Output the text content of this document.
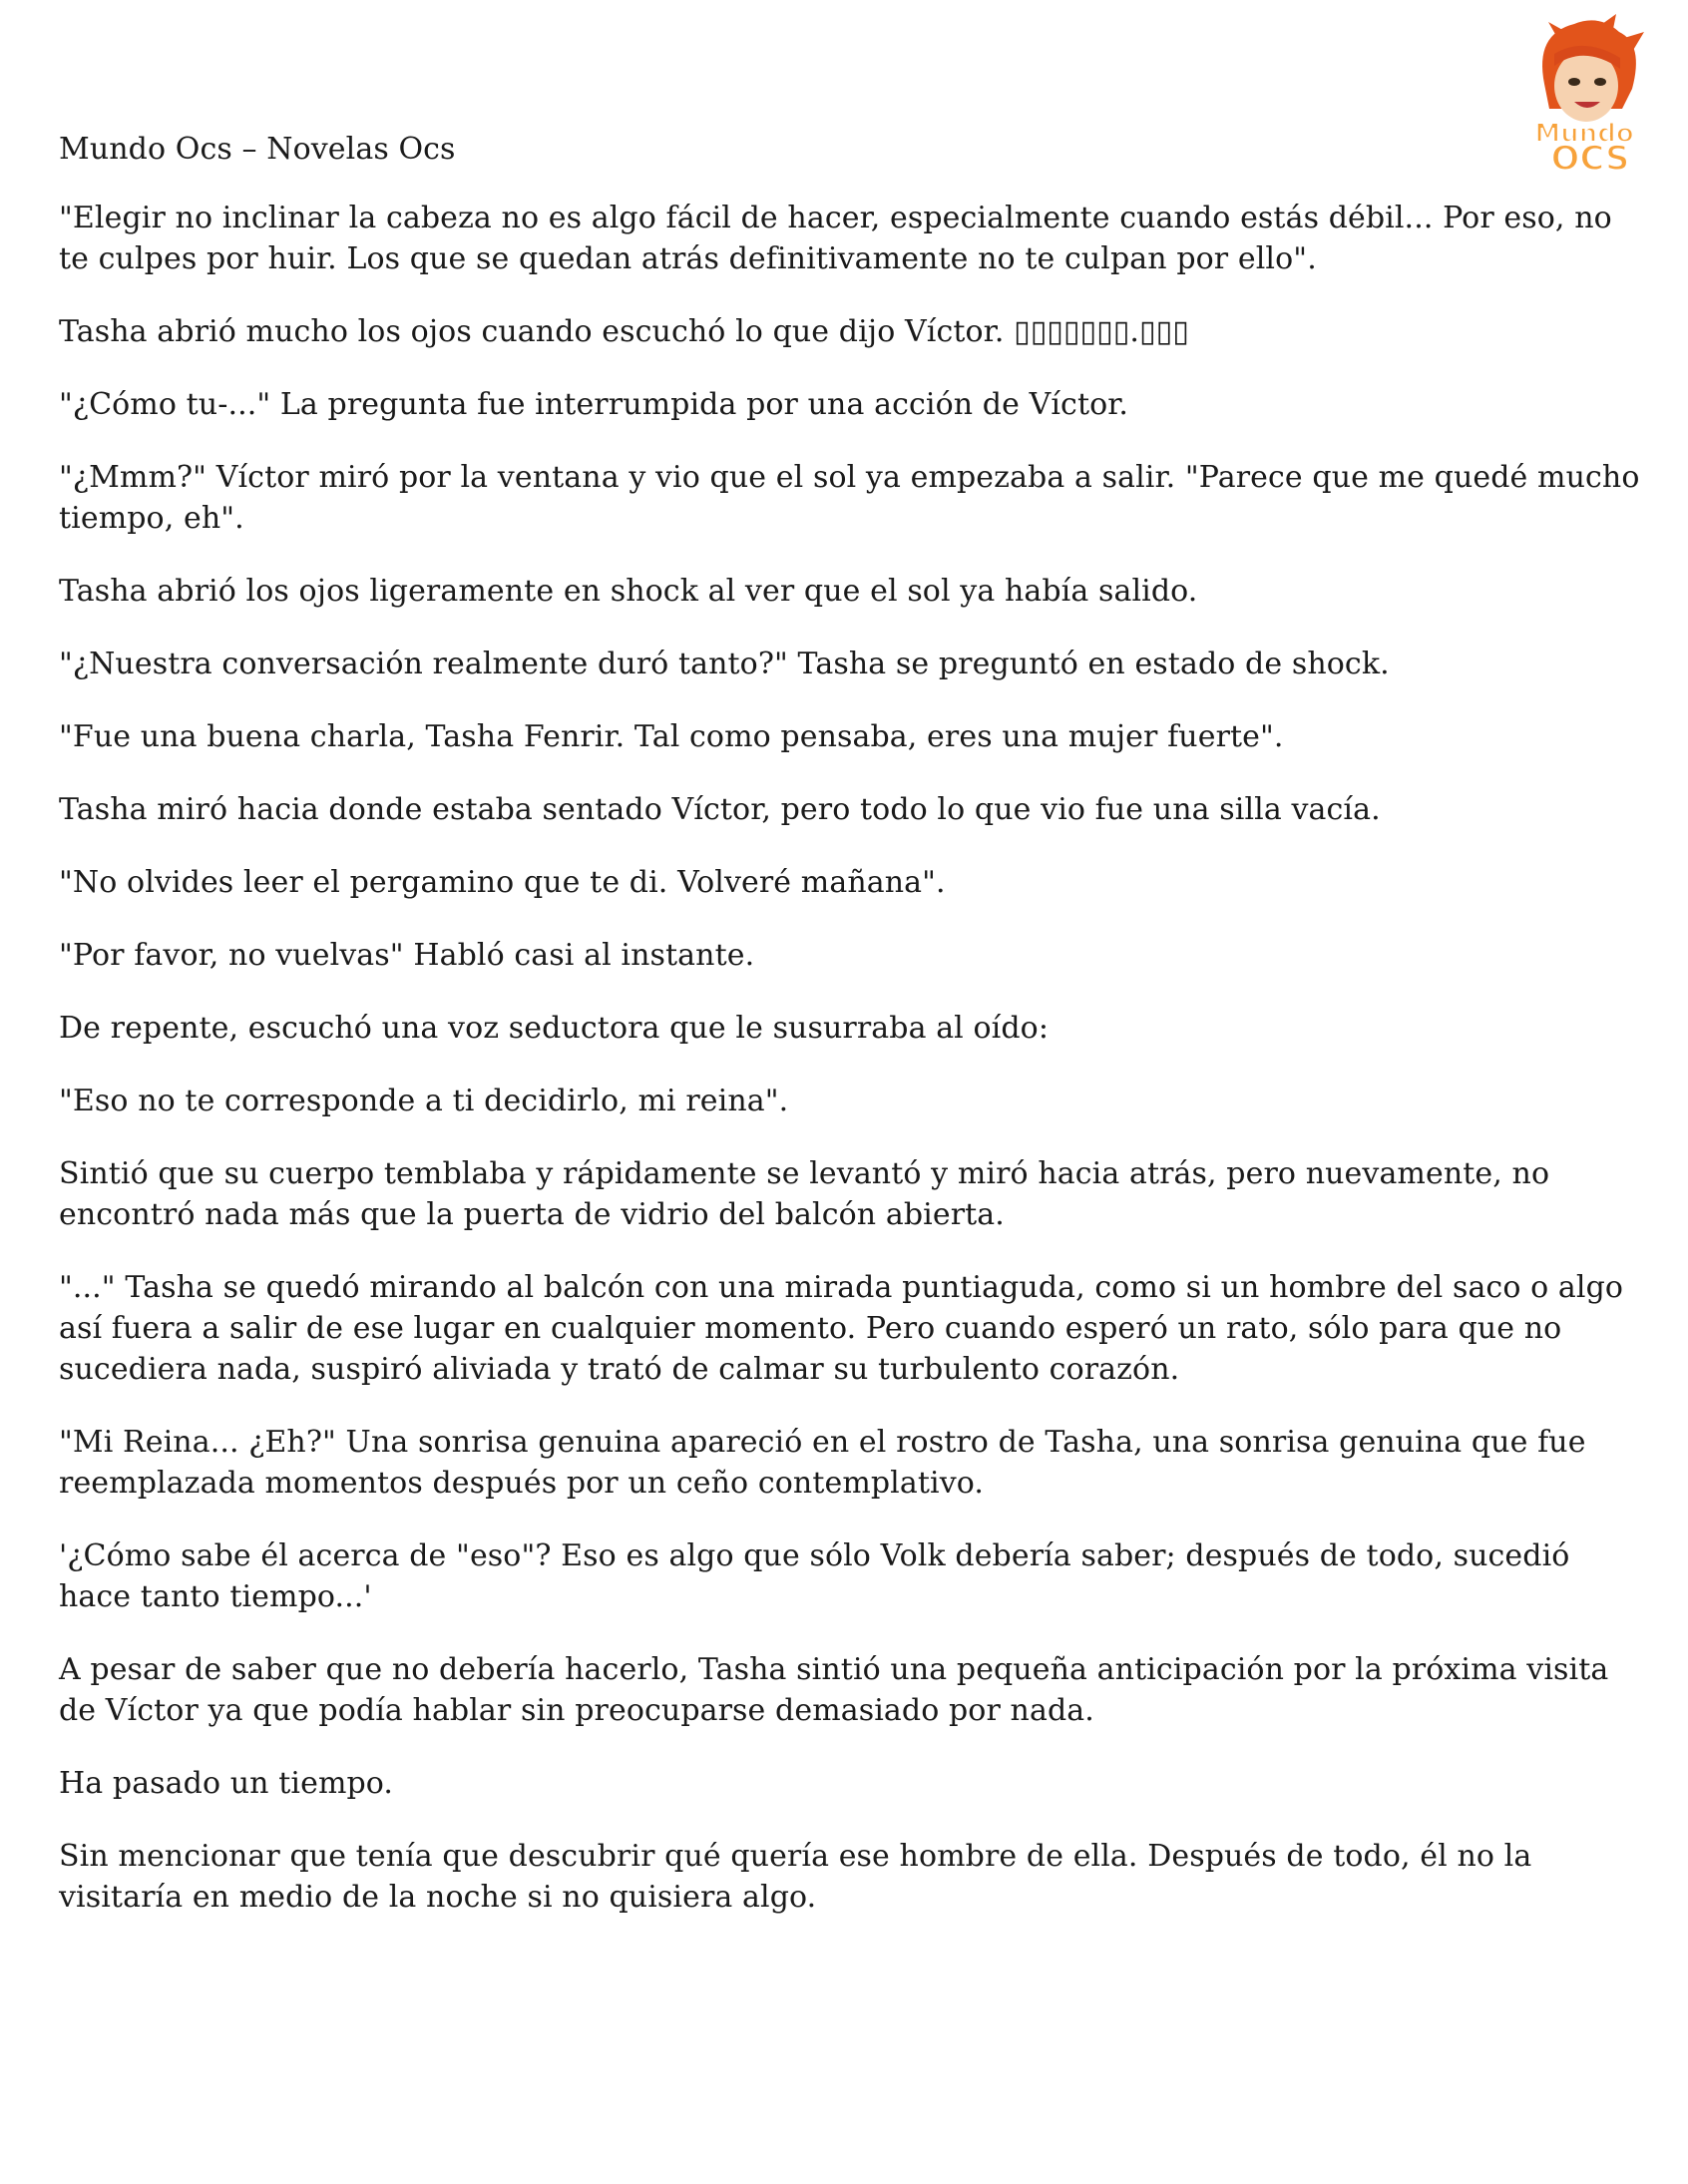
Mundo
OCS
Mundo Ocs – Novelas Ocs
"Elegir no inclinar la cabeza no es algo fácil de hacer, especialmente cuando estás débil... Por eso, no te culpes por huir. Los que se quedan atrás definitivamente no te culpan por ello".
Tasha abrió mucho los ojos cuando escuchó lo que dijo Víctor. ▯▯▯▯▯▯▯.▯▯▯
"¿Cómo tu-..." La pregunta fue interrumpida por una acción de Víctor.
"¿Mmm?" Víctor miró por la ventana y vio que el sol ya empezaba a salir. "Parece que me quedé mucho tiempo, eh".
Tasha abrió los ojos ligeramente en shock al ver que el sol ya había salido.
"¿Nuestra conversación realmente duró tanto?" Tasha se preguntó en estado de shock.
"Fue una buena charla, Tasha Fenrir. Tal como pensaba, eres una mujer fuerte".
Tasha miró hacia donde estaba sentado Víctor, pero todo lo que vio fue una silla vacía.
"No olvides leer el pergamino que te di. Volveré mañana".
"Por favor, no vuelvas" Habló casi al instante.
De repente, escuchó una voz seductora que le susurraba al oído:
"Eso no te corresponde a ti decidirlo, mi reina".
Sintió que su cuerpo temblaba y rápidamente se levantó y miró hacia atrás, pero nuevamente, no encontró nada más que la puerta de vidrio del balcón abierta.
"..." Tasha se quedó mirando al balcón con una mirada puntiaguda, como si un hombre del saco o algo así fuera a salir de ese lugar en cualquier momento. Pero cuando esperó un rato, sólo para que no sucediera nada, suspiró aliviada y trató de calmar su turbulento corazón.
"Mi Reina... ¿Eh?" Una sonrisa genuina apareció en el rostro de Tasha, una sonrisa genuina que fue reemplazada momentos después por un ceño contemplativo.
'¿Cómo sabe él acerca de "eso"? Eso es algo que sólo Volk debería saber; después de todo, sucedió hace tanto tiempo...'
A pesar de saber que no debería hacerlo, Tasha sintió una pequeña anticipación por la próxima visita de Víctor ya que podía hablar sin preocuparse demasiado por nada.
Ha pasado un tiempo.
Sin mencionar que tenía que descubrir qué quería ese hombre de ella. Después de todo, él no la visitaría en medio de la noche si no quisiera algo.
